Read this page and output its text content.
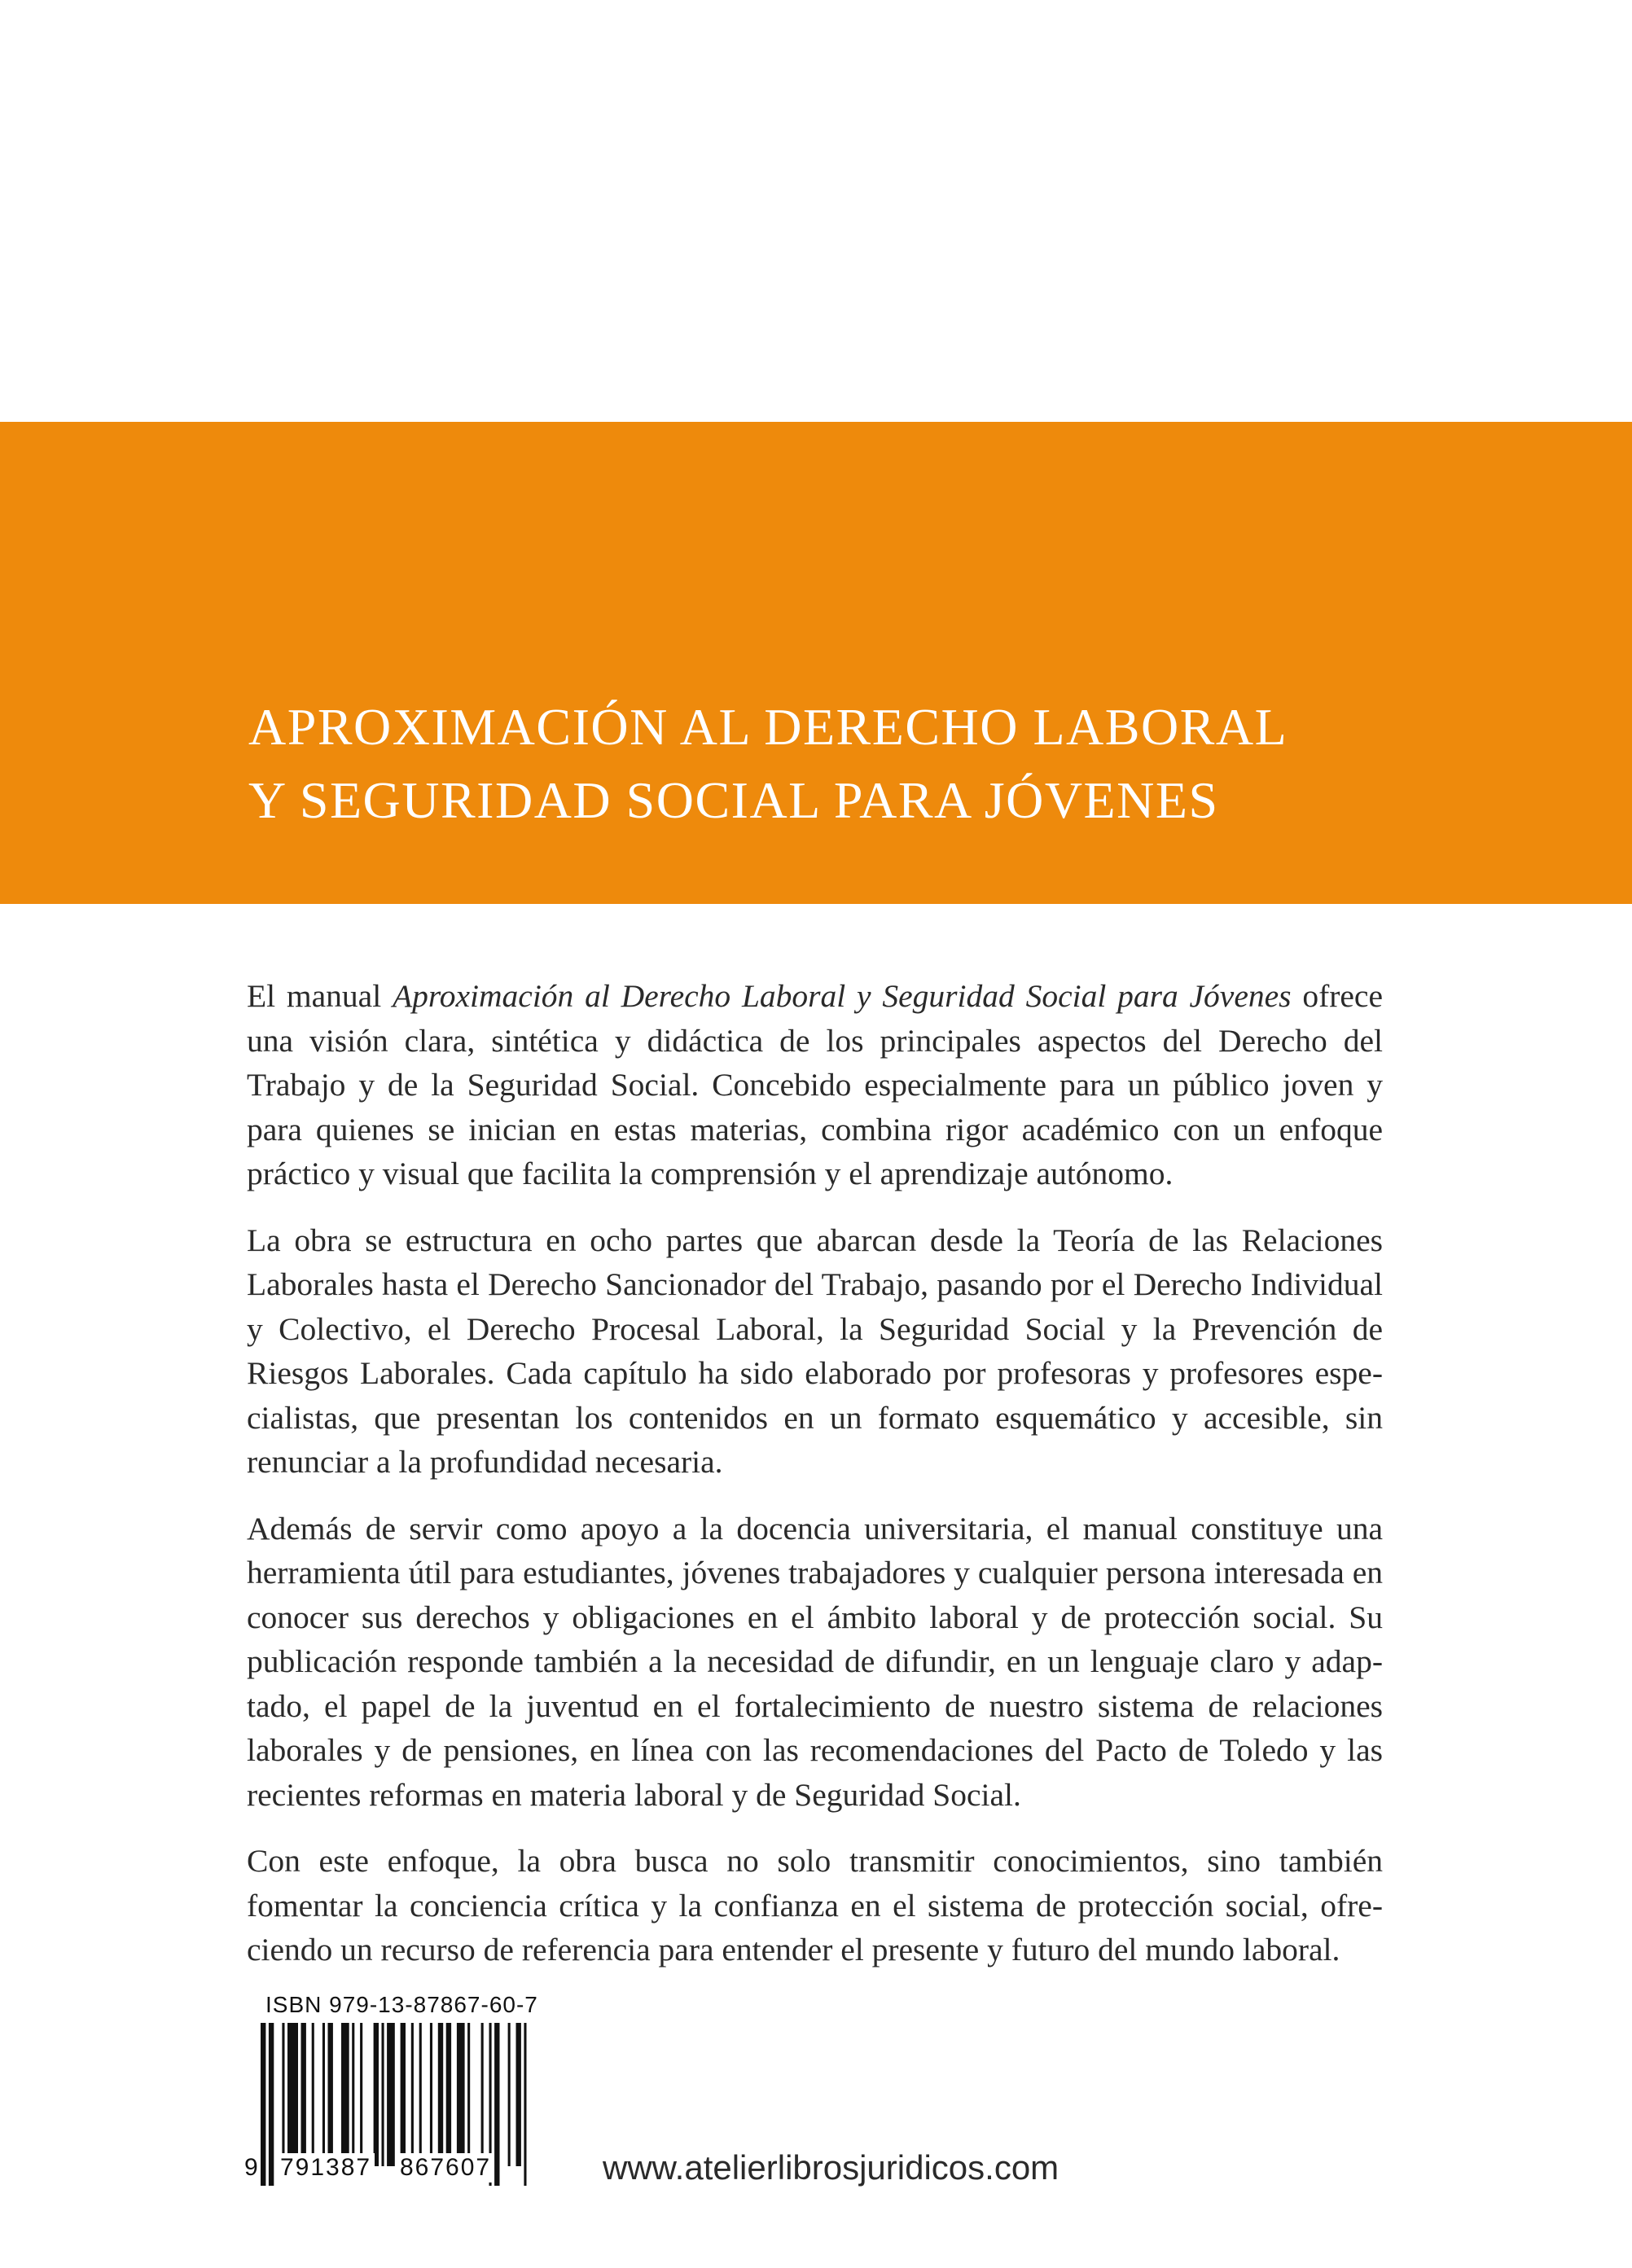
APROXIMACIÓN AL DERECHO LABORAL
Y SEGURIDAD SOCIAL PARA JÓVENES

El manual Aproximación al Derecho Laboral y Seguridad Social para Jóvenes ofrece una visión clara, sintética y didáctica de los principales aspectos del Derecho del Trabajo y de la Seguridad Social. Concebido especialmente para un público joven y para quienes se inician en estas materias, combina rigor académico con un enfoque práctico y visual que facilita la comprensión y el aprendizaje autónomo.

La obra se estructura en ocho partes que abarcan desde la Teoría de las Relaciones Laborales hasta el Derecho Sancionador del Trabajo, pasando por el Derecho Individual y Colectivo, el Derecho Procesal Laboral, la Seguridad Social y la Prevención de Riesgos Laborales. Cada capítulo ha sido elaborado por profesoras y profesores especialistas, que presentan los contenidos en un formato esquemático y accesible, sin renunciar a la profundidad necesaria.

Además de servir como apoyo a la docencia universitaria, el manual constituye una herramienta útil para estudiantes, jóvenes trabajadores y cualquier persona interesada en conocer sus derechos y obligaciones en el ámbito laboral y de protección social. Su publicación responde también a la necesidad de difundir, en un lenguaje claro y adaptado, el papel de la juventud en el fortalecimiento de nuestro sistema de relaciones laborales y de pensiones, en línea con las recomendaciones del Pacto de Toledo y las recientes reformas en materia laboral y de Seguridad Social.

Con este enfoque, la obra busca no solo transmitir conocimientos, sino también fomentar la conciencia crítica y la confianza en el sistema de protección social, ofreciendo un recurso de referencia para entender el presente y futuro del mundo laboral.

ISBN 979-13-87867-60-7
9 791387 867607	www.atelierlibrosjuridicos.com
